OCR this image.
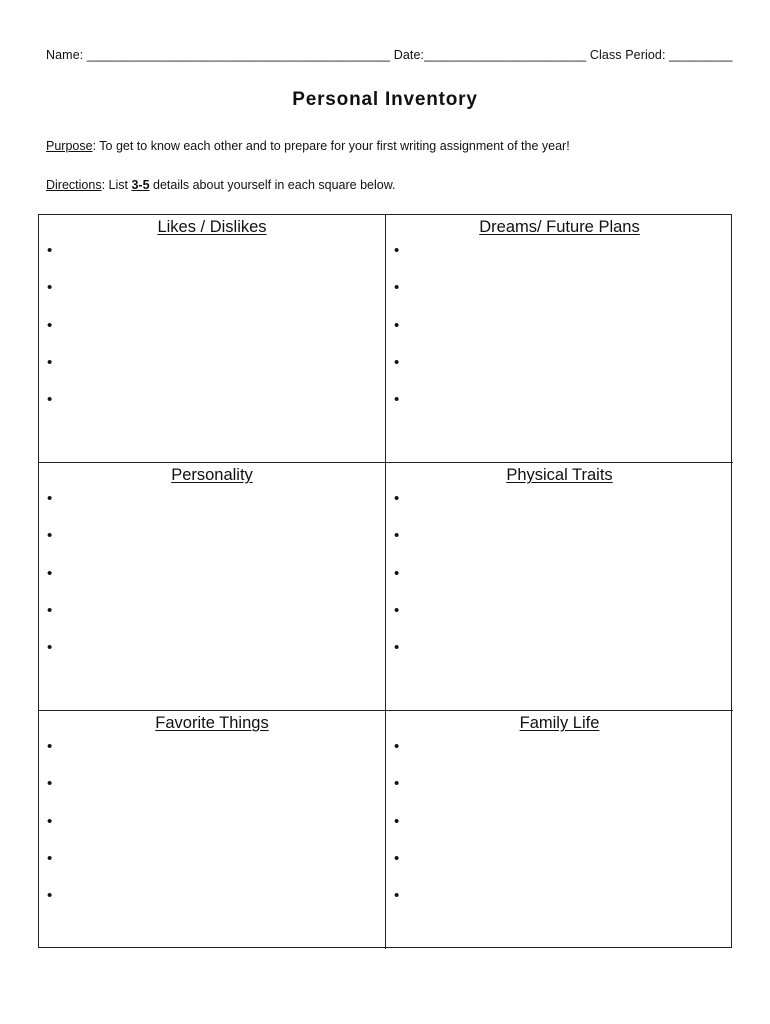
Name: ___________________________________________ Date:_______________________ Class Period: _________
Personal Inventory
Purpose: To get to know each other and to prepare for your first writing assignment of the year!
Directions: List 3-5 details about yourself in each square below.
Likes / Dislikes
•
•
•
•
•
Dreams/ Future Plans
•
•
•
•
•
Personality
•
•
•
•
•
Physical Traits
•
•
•
•
•
Favorite Things
•
•
•
•
•
Family Life
•
•
•
•
•
